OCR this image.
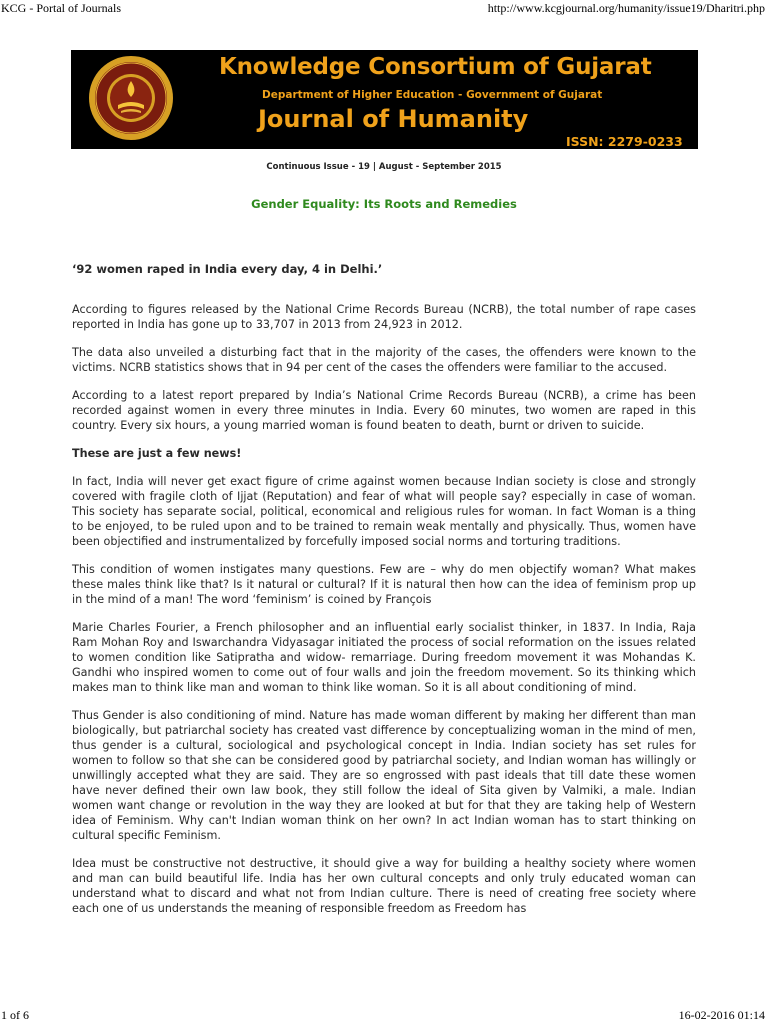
KCG - Portal of Journals	http://www.kcgjournal.org/humanity/issue19/Dharitri.php
Knowledge Consortium of Gujarat
Department of Higher Education - Government of Gujarat
Journal of Humanity
ISSN: 2279-0233
Continuous Issue - 19 | August - September 2015
Gender Equality: Its Roots and Remedies

‘92 women raped in India every day, 4 in Delhi.’

According to figures released by the National Crime Records Bureau (NCRB), the total number of rape cases reported in India has gone up to 33,707 in 2013 from 24,923 in 2012.

The data also unveiled a disturbing fact that in the majority of the cases, the offenders were known to the victims. NCRB statistics shows that in 94 per cent of the cases the offenders were familiar to the accused.

According to a latest report prepared by India’s National Crime Records Bureau (NCRB), a crime has been recorded against women in every three minutes in India. Every 60 minutes, two women are raped in this country. Every six hours, a young married woman is found beaten to death, burnt or driven to suicide.

These are just a few news!

In fact, India will never get exact figure of crime against women because Indian society is close and strongly covered with fragile cloth of Ijjat (Reputation) and fear of what will people say? especially in case of woman. This society has separate social, political, economical and religious rules for woman. In fact Woman is a thing to be enjoyed, to be ruled upon and to be trained to remain weak mentally and physically. Thus, women have been objectified and instrumentalized by forcefully imposed social norms and torturing traditions.

This condition of women instigates many questions. Few are – why do men objectify woman? What makes these males think like that? Is it natural or cultural? If it is natural then how can the idea of feminism prop up in the mind of a man! The word ‘feminism’ is coined by François

Marie Charles Fourier, a French philosopher and an influential early socialist thinker, in 1837. In India, Raja Ram Mohan Roy and Iswarchandra Vidyasagar initiated the process of social reformation on the issues related to women condition like Satipratha and widow- remarriage. During freedom movement it was Mohandas K. Gandhi who inspired women to come out of four walls and join the freedom movement. So its thinking which makes man to think like man and woman to think like woman. So it is all about conditioning of mind.

Thus Gender is also conditioning of mind. Nature has made woman different by making her different than man biologically, but patriarchal society has created vast difference by conceptualizing woman in the mind of men, thus gender is a cultural, sociological and psychological concept in India. Indian society has set rules for women to follow so that she can be considered good by patriarchal society, and Indian woman has willingly or unwillingly accepted what they are said. They are so engrossed with past ideals that till date these women have never defined their own law book, they still follow the ideal of Sita given by Valmiki, a male. Indian women want change or revolution in the way they are looked at but for that they are taking help of Western idea of Feminism. Why can't Indian woman think on her own? In act Indian woman has to start thinking on cultural specific Feminism.

Idea must be constructive not destructive, it should give a way for building a healthy society where women and man can build beautiful life. India has her own cultural concepts and only truly educated woman can understand what to discard and what not from Indian culture. There is need of creating free society where each one of us understands the meaning of responsible freedom as Freedom has

1 of 6	16-02-2016 01:14
